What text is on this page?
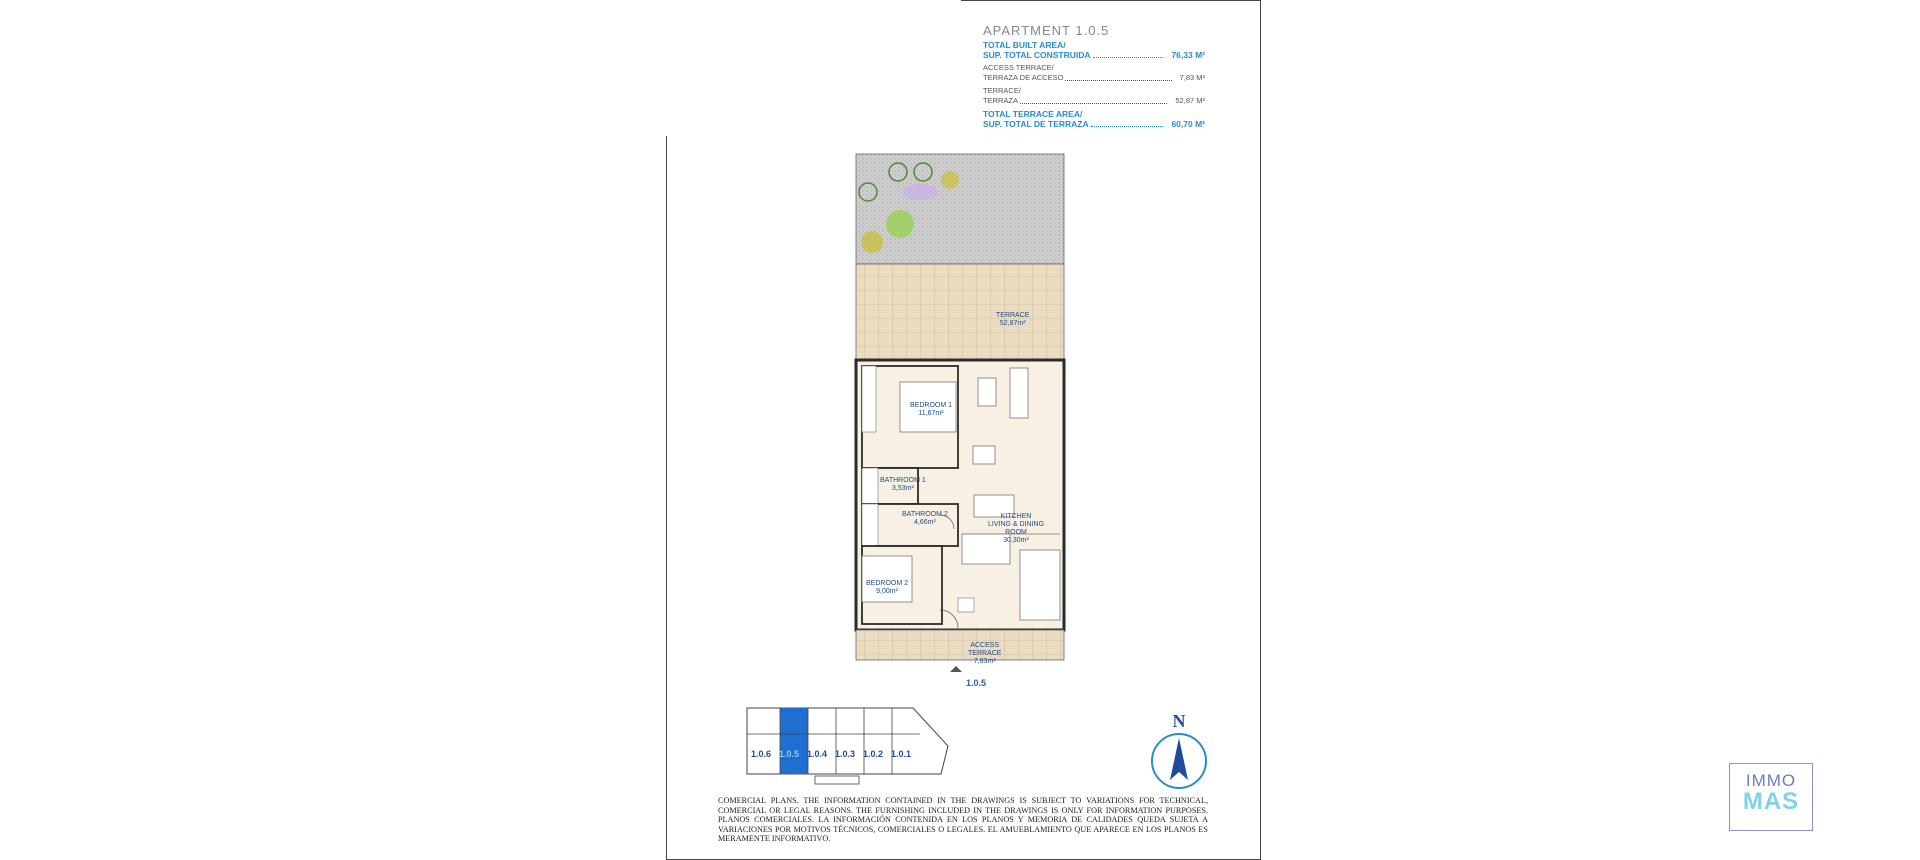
APARTMENT 1.0.5
TOTAL BUILT AREA/
SUP. TOTAL CONSTRUIDA	76,33 M²
ACCESS TERRACE/
TERRAZA DE ACCESO	7,83 M²
TERRACE/
TERRAZA	52,87 M²
TOTAL TERRACE AREA/
SUP. TOTAL DE TERRAZA	60,70 M²
TERRACE
52,87m²
BEDROOM 1
11,67m²
BATHROOM 1
3,53m²
BATHROOM 2
4,66m²
KITCHEN
LIVING & DINING
ROOM
30,30m²
BEDROOM 2
9,00m²
ACCESS
TERRACE
7,83m²
1.0.5
1.0.6 1.0.5 1.0.4 1.0.3 1.0.2 1.0.1
N
COMERCIAL PLANS. THE INFORMATION CONTAINED IN THE DRAWINGS IS SUBJECT TO VARIATIONS FOR TECHNICAL, COMERCIAL OR LEGAL REASONS. THE FURNISHING INCLUDED IN THE DRAWINGS IS ONLY FOR INFORMATION PURPOSES. PLANOS COMERCIALES. LA INFORMACIÓN CONTENIDA EN LOS PLANOS Y MEMORIA DE CALIDADES QUEDA SUJETA A VARIACIONES POR MOTIVOS TÉCNICOS, COMERCIALES O LEGALES. EL AMUEBLAMIENTO QUE APARECE EN LOS PLANOS ES MERAMENTE INFORMATIVO.
IMMO
MAS
